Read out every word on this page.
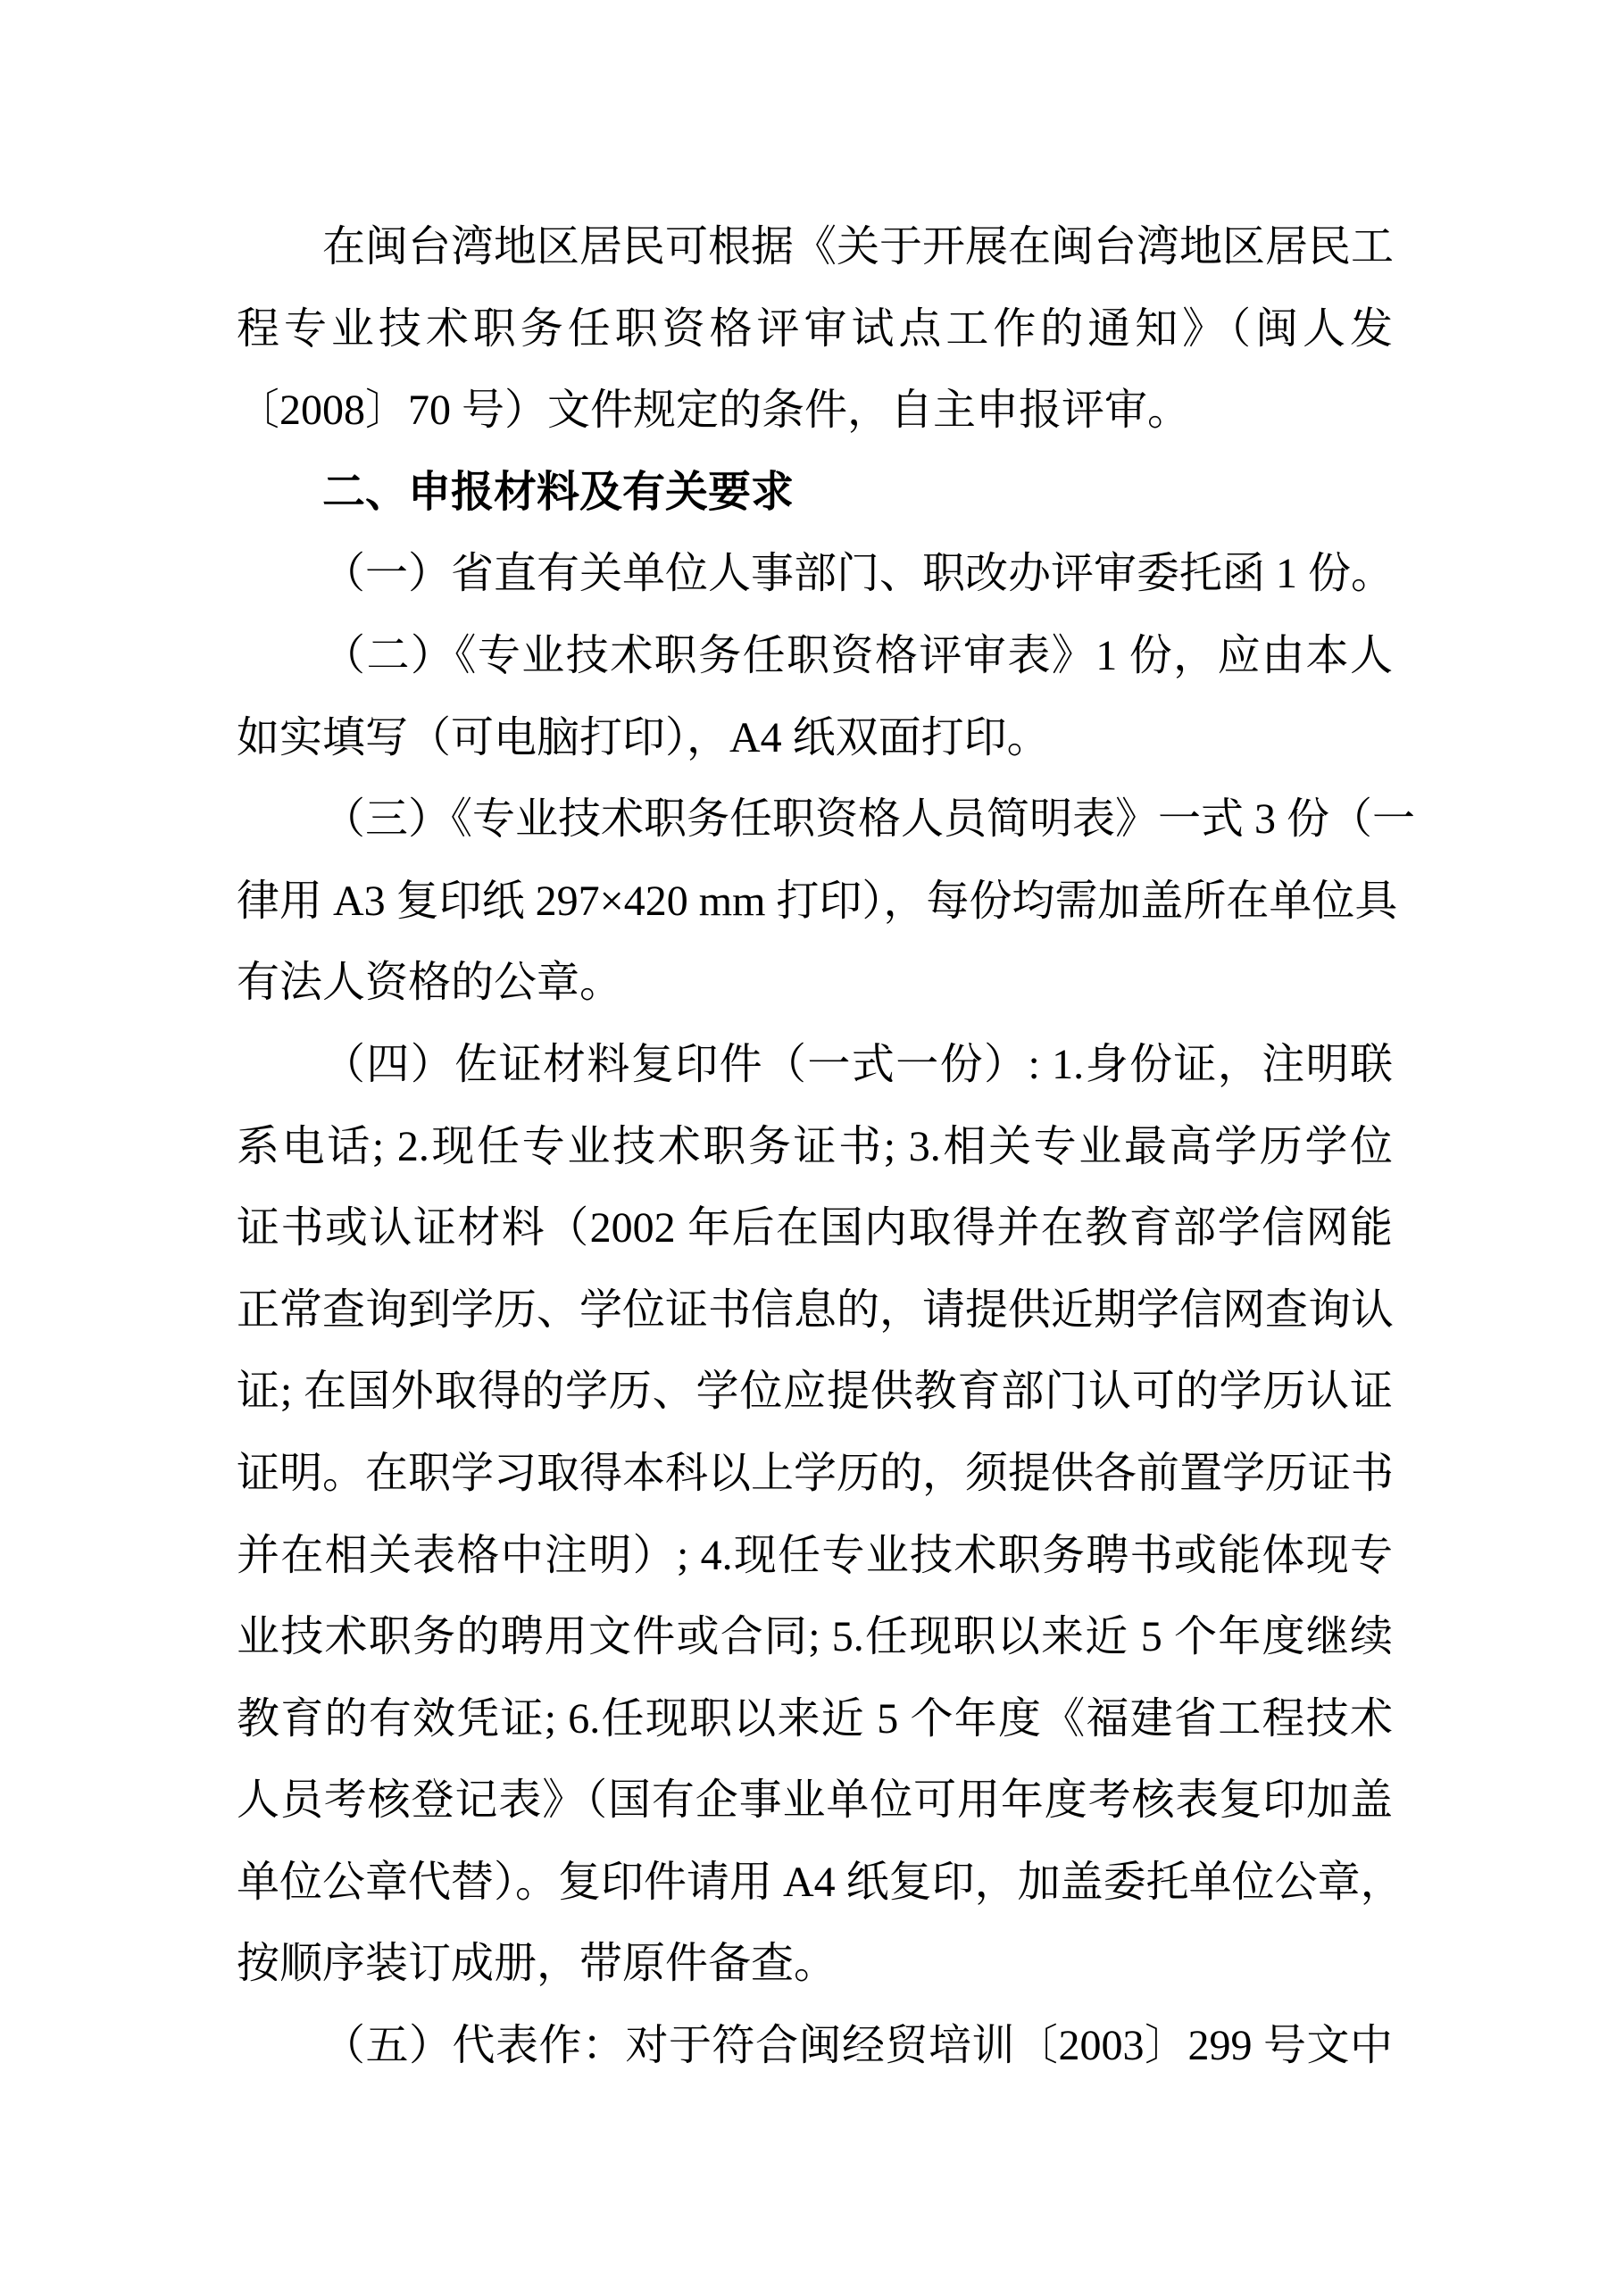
在闽台湾地区居民可根据《关于开展在闽台湾地区居民工

程专业技术职务任职资格评审试点工作的通知》（闽人发

〔2008〕70 号）文件规定的条件，自主申报评审。

二、申报材料及有关要求

（一）省直有关单位人事部门、职改办评审委托函 1 份。

（二）《专业技术职务任职资格评审表》1 份，应由本人

如实填写（可电脑打印），A4 纸双面打印。

（三）《专业技术职务任职资格人员简明表》一式 3 份（一

律用 A3 复印纸 297×420 mm 打印），每份均需加盖所在单位具

有法人资格的公章。

（四）佐证材料复印件（一式一份）: 1.身份证，注明联

系电话; 2.现任专业技术职务证书; 3.相关专业最高学历学位

证书或认证材料（2002 年后在国内取得并在教育部学信网能

正常查询到学历、学位证书信息的，请提供近期学信网查询认

证; 在国外取得的学历、学位应提供教育部门认可的学历认证

证明。在职学习取得本科以上学历的，须提供各前置学历证书

并在相关表格中注明）; 4.现任专业技术职务聘书或能体现专

业技术职务的聘用文件或合同; 5.任现职以来近 5 个年度继续

教育的有效凭证; 6.任现职以来近 5 个年度《福建省工程技术

人员考核登记表》（国有企事业单位可用年度考核表复印加盖

单位公章代替）。复印件请用 A4 纸复印，加盖委托单位公章，

按顺序装订成册，带原件备查。

（五）代表作：对于符合闽经贸培训〔2003〕299 号文中
